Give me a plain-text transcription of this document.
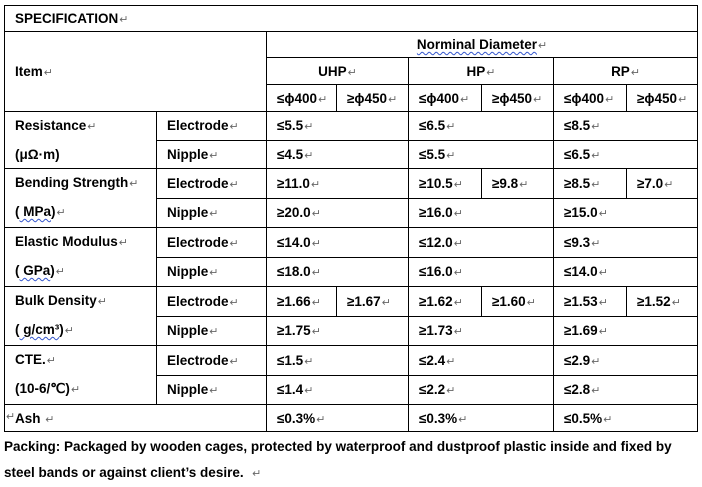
SPECIFICATION↵							
Item↵		Norminal Diameter↵					
		UHP↵		HP↵		RP↵	
		≤ϕ400↵	≥ϕ450↵	≤ϕ400↵	≥ϕ450↵	≤ϕ400↵	≥ϕ450↵
Resistance↵
(μΩ·m)	Electrode↵	≤5.5↵		≤6.5↵		≤8.5↵	
	Nipple↵	≤4.5↵		≤5.5↵		≤6.5↵	
Bending Strength↵
( MPa)↵	Electrode↵	≥11.0↵		≥10.5↵	≥9.8↵	≥8.5↵	≥7.0↵
	Nipple↵	≥20.0↵		≥16.0↵		≥15.0↵	
Elastic Modulus↵
( GPa)↵	Electrode↵	≤14.0↵		≤12.0↵		≤9.3↵	
	Nipple↵	≤18.0↵		≤16.0↵		≤14.0↵	
Bulk Density↵
( g/cm³)↵	Electrode↵	≥1.66↵	≥1.67↵	≥1.62↵	≥1.60↵	≥1.53↵	≥1.52↵
	Nipple↵	≥1.75↵		≥1.73↵		≥1.69↵	
CTE.↵
(10-6/℃)↵	Electrode↵	≤1.5↵		≤2.4↵		≤2.9↵	
	Nipple↵	≤1.4↵		≤2.2↵		≤2.8↵	
Ash ↵		≤0.3%↵		≤0.3%↵		≤0.5%↵	
↵
Packing: Packaged by wooden cages, protected by waterproof and dustproof plastic inside and fixed by steel bands or against client’s desire. ↵
